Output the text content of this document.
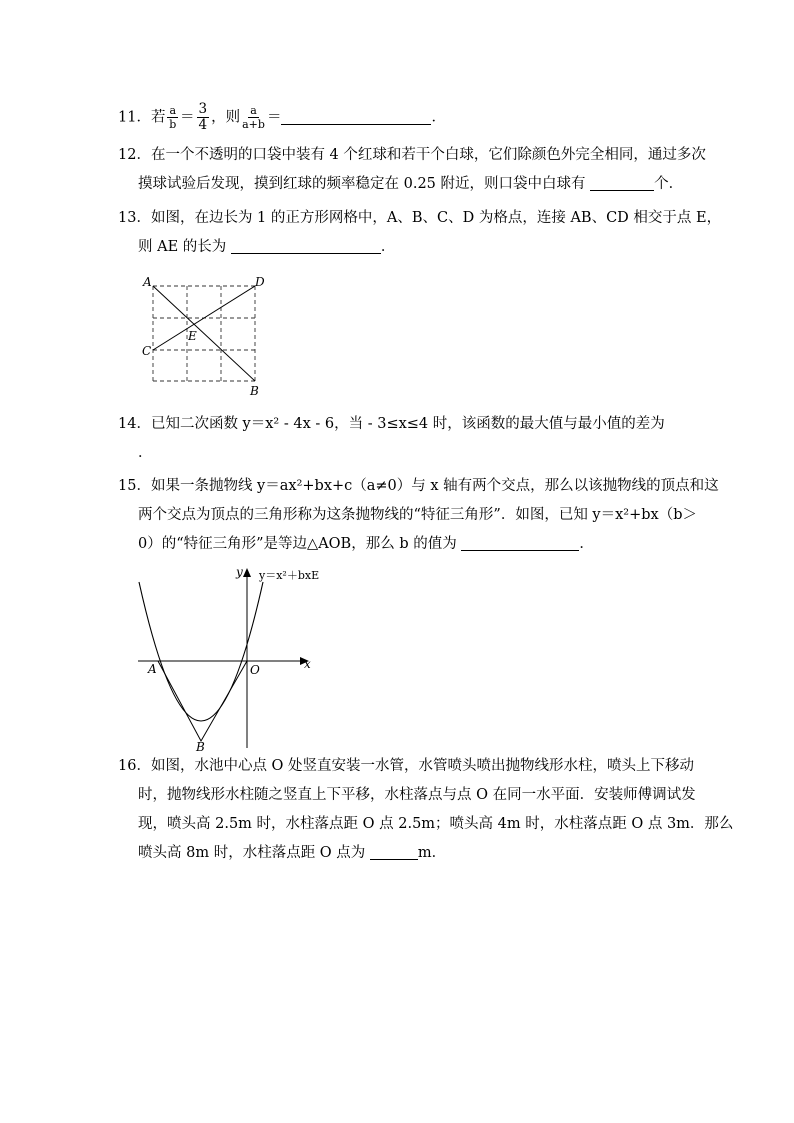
11．若 $\frac{a}{b} = \frac{3}{4}$ ，则 $\frac{a}{a+b}$ ＝	．
12．在一个不透明的口袋中装有 4 个红球和若干个白球，它们除颜色外完全相同，通过多次
摸球试验后发现，摸到红球的频率稳定在 0.25 附近，则口袋中白球有	个．
13．如图，在边长为 1 的正方形网格中，A、B、C、D 为格点，连接 AB、CD 相交于点 E，
则 AE 的长为	．
A	D
C
E
B
14．已知二次函数 y＝x² - 4x - 6，当 - 3≤x≤4 时，该函数的最大值与最小值的差为
．
15．如果一条抛物线 y＝ax²+bx+c（a≠0）与 x 轴有两个交点，那么以该抛物线的顶点和这
两个交点为顶点的三角形称为这条抛物线的“特征三角形”．如图，已知 y＝x²+bx（b＞
0）的“特征三角形”是等边△AOB，那么 b 的值为	．
y y＝x²＋bxE
x
A	O
B
16．如图，水池中心点 O 处竖直安装一水管，水管喷头喷出抛物线形水柱，喷头上下移动
时，抛物线形水柱随之竖直上下平移，水柱落点与点 O 在同一水平面．安装师傅调试发
现，喷头高 2.5m 时，水柱落点距 O 点 2.5m；喷头高 4m 时，水柱落点距 O 点 3m．那么
喷头高 8m 时，水柱落点距 O 点为	m．
